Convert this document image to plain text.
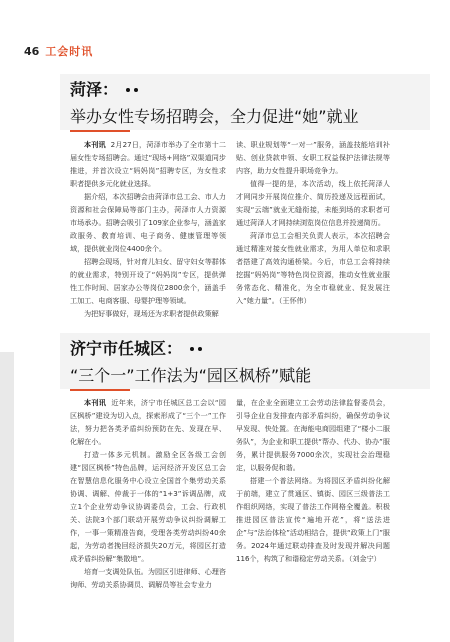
46 工会时讯
菏泽：
举办女性专场招聘会，全力促进“她”就业

本刊讯 2月27日，菏泽市举办了全市第十二届女性专场招聘会。通过“现场+网络”双渠道同步推进，并首次设立“妈妈岗”招聘专区，为女性求职者提供多元化就业选择。

据介绍，本次招聘会由菏泽市总工会、市人力资源和社会保障局等部门主办，菏泽市人力资源市场承办。招聘会吸引了109家企业参与，涵盖家政服务、教育培训、电子商务、健康管理等领域，提供就业岗位4400余个。

招聘会现场，针对育儿妇女、留守妇女等群体的就业需求，特别开设了“妈妈岗”专区，提供弹性工作时间、居家办公等岗位2800余个，涵盖手工加工、电商客服、母婴护理等领域。

为把好事做好，现场还为求职者提供政策解

读、职业规划等“一对一”服务，涵盖技能培训补贴、创业贷款申领、女职工权益保护法律法规等内容，助力女性提升职场竞争力。

值得一提的是，本次活动，线上依托菏泽人才网同步开展岗位推介、简历投递及远程面试，实现“云端”就业无缝衔接，未能到场的求职者可通过菏泽人才网持续浏览岗位信息并投递简历。

菏泽市总工会相关负责人表示，本次招聘会通过精准对接女性就业需求，为用人单位和求职者搭建了高效沟通桥梁。今后，市总工会将持续挖掘“妈妈岗”等特色岗位资源，推动女性就业服务常态化、精准化，为全市稳就业、促发展注入“她力量”。（王怀伟）

济宁市任城区：
“三个一”工作法为“园区枫桥”赋能

本刊讯 近年来，济宁市任城区总工会以“园区枫桥”建设为切入点，探索形成了“三个一”工作法，努力把各类矛盾纠纷预防在先、发现在早、化解在小。

打造一体多元机制。激励全区各级工会创建“园区枫桥”特色品牌，运河经济开发区总工会在智慧信息化服务中心设立全国首个集劳动关系协调、调解、仲裁于一体的“1+3”诉调品牌，成立1个企业劳动争议协调委员会，工会、行政机关、法院3个部门联动开展劳动争议纠纷调解工作，一事一策精准告商，受理各类劳动纠纷40余起，为劳动者挽回经济损失20万元，将园区打造成矛盾纠纷解“集散地”。

培育一支调处队伍。为园区引进律师、心理咨询师、劳动关系协调员、调解员等社会专业力

量，在企业全面建立工会劳动法律监督委员会，引导企业自发排查内部矛盾纠纷，确保劳动争议早发现、快处置。在海能电商园组建了“楼小二服务队”，为企业和职工提供“帮办、代办、协办”服务，累计提供服务7000余次，实现社会治理稳定，以服务促和谐。

搭建一个普法网络。为将园区矛盾纠纷化解于前端，建立了贯通区、镇街、园区三级普法工作组织网络，实现了普法工作网格全覆盖。积极推进园区普法宣传“遍地开花”，将“送法进企”与“法治体检”活动相结合，提供“政策上门”服务。2024年通过联动排查及时发现并解决问题116个，构筑了和谐稳定劳动关系。（刘金宁）
